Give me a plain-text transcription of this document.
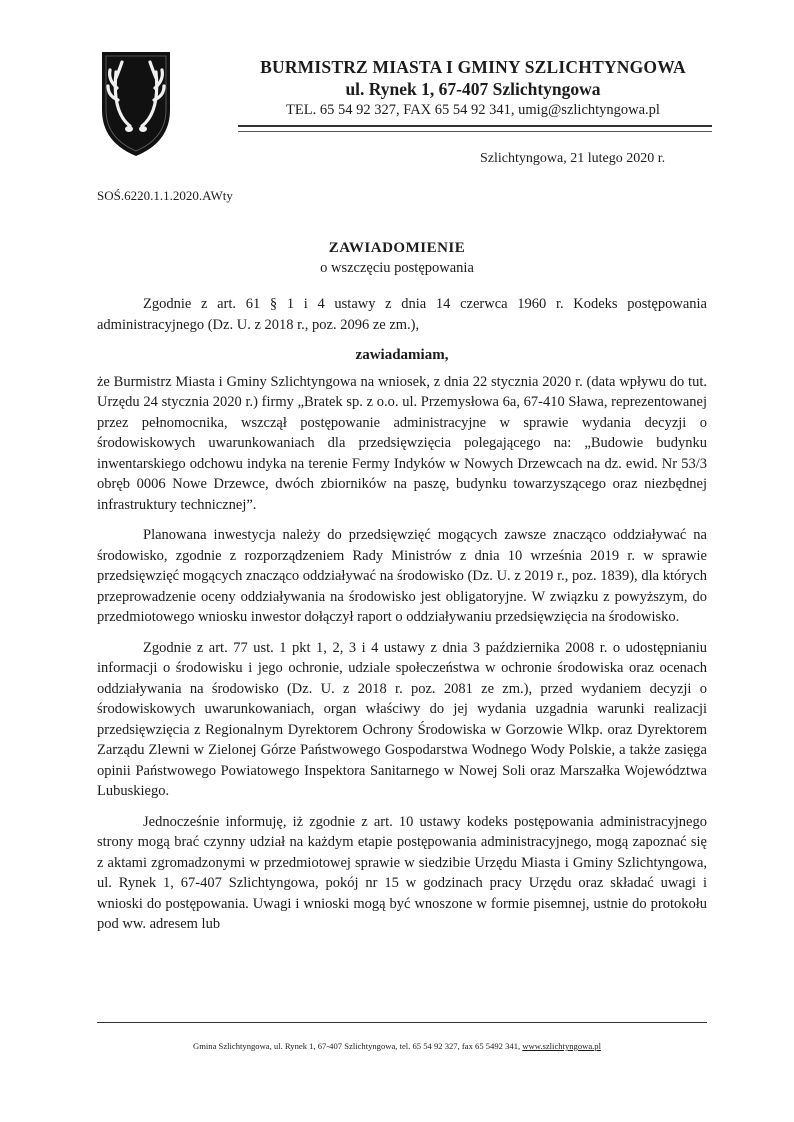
BURMISTRZ MIASTA I GMINY SZLICHTYNGOWA
ul. Rynek 1, 67-407 Szlichtyngowa
TEL. 65 54 92 327, FAX 65 54 92 341, umig@szlichtyngowa.pl
Szlichtyngowa, 21 lutego 2020 r.
SOŚ.6220.1.1.2020.AWty
ZAWIADOMIENIE
o wszczęciu postępowania

Zgodnie z art. 61 § 1 i 4 ustawy z dnia 14 czerwca 1960 r. Kodeks postępowania administracyjnego (Dz. U. z 2018 r., poz. 2096 ze zm.),

zawiadamiam,

że Burmistrz Miasta i Gminy Szlichtyngowa na wniosek, z dnia 22 stycznia 2020 r. (data wpływu do tut. Urzędu 24 stycznia 2020 r.) firmy „Bratek sp. z o.o. ul. Przemysłowa 6a, 67-410 Sława, reprezentowanej przez pełnomocnika, wszczął postępowanie administracyjne w sprawie wydania decyzji o środowiskowych uwarunkowaniach dla przedsięwzięcia polegającego na: „Budowie budynku inwentarskiego odchowu indyka na terenie Fermy Indyków w Nowych Drzewcach na dz. ewid. Nr 53/3 obręb 0006 Nowe Drzewce, dwóch zbiorników na paszę, budynku towarzyszącego oraz niezbędnej infrastruktury technicznej”.

Planowana inwestycja należy do przedsięwzięć mogących zawsze znacząco oddziaływać na środowisko, zgodnie z rozporządzeniem Rady Ministrów z dnia 10 września 2019 r. w sprawie przedsięwzięć mogących znacząco oddziaływać na środowisko (Dz. U. z 2019 r., poz. 1839), dla których przeprowadzenie oceny oddziaływania na środowisko jest obligatoryjne. W związku z powyższym, do przedmiotowego wniosku inwestor dołączył raport o oddziaływaniu przedsięwzięcia na środowisko.

Zgodnie z art. 77 ust. 1 pkt 1, 2, 3 i 4 ustawy z dnia 3 października 2008 r. o udostępnianiu informacji o środowisku i jego ochronie, udziale społeczeństwa w ochronie środowiska oraz ocenach oddziaływania na środowisko (Dz. U. z 2018 r. poz. 2081 ze zm.), przed wydaniem decyzji o środowiskowych uwarunkowaniach, organ właściwy do jej wydania uzgadnia warunki realizacji przedsięwzięcia z Regionalnym Dyrektorem Ochrony Środowiska w Gorzowie Wlkp. oraz Dyrektorem Zarządu Zlewni w Zielonej Górze Państwowego Gospodarstwa Wodnego Wody Polskie, a także zasięga opinii Państwowego Powiatowego Inspektora Sanitarnego w Nowej Soli oraz Marszałka Województwa Lubuskiego.

Jednocześnie informuję, iż zgodnie z art. 10 ustawy kodeks postępowania administracyjnego strony mogą brać czynny udział na każdym etapie postępowania administracyjnego, mogą zapoznać się z aktami zgromadzonymi w przedmiotowej sprawie w siedzibie Urzędu Miasta i Gminy Szlichtyngowa, ul. Rynek 1, 67-407 Szlichtyngowa, pokój nr 15 w godzinach pracy Urzędu oraz składać uwagi i wnioski do postępowania. Uwagi i wnioski mogą być wnoszone w formie pisemnej, ustnie do protokołu pod ww. adresem lub

Gmina Szlichtyngowa, ul. Rynek 1, 67-407 Szlichtyngowa, tel. 65 54 92 327, fax 65 5492 341, www.szlichtyngowa.pl
